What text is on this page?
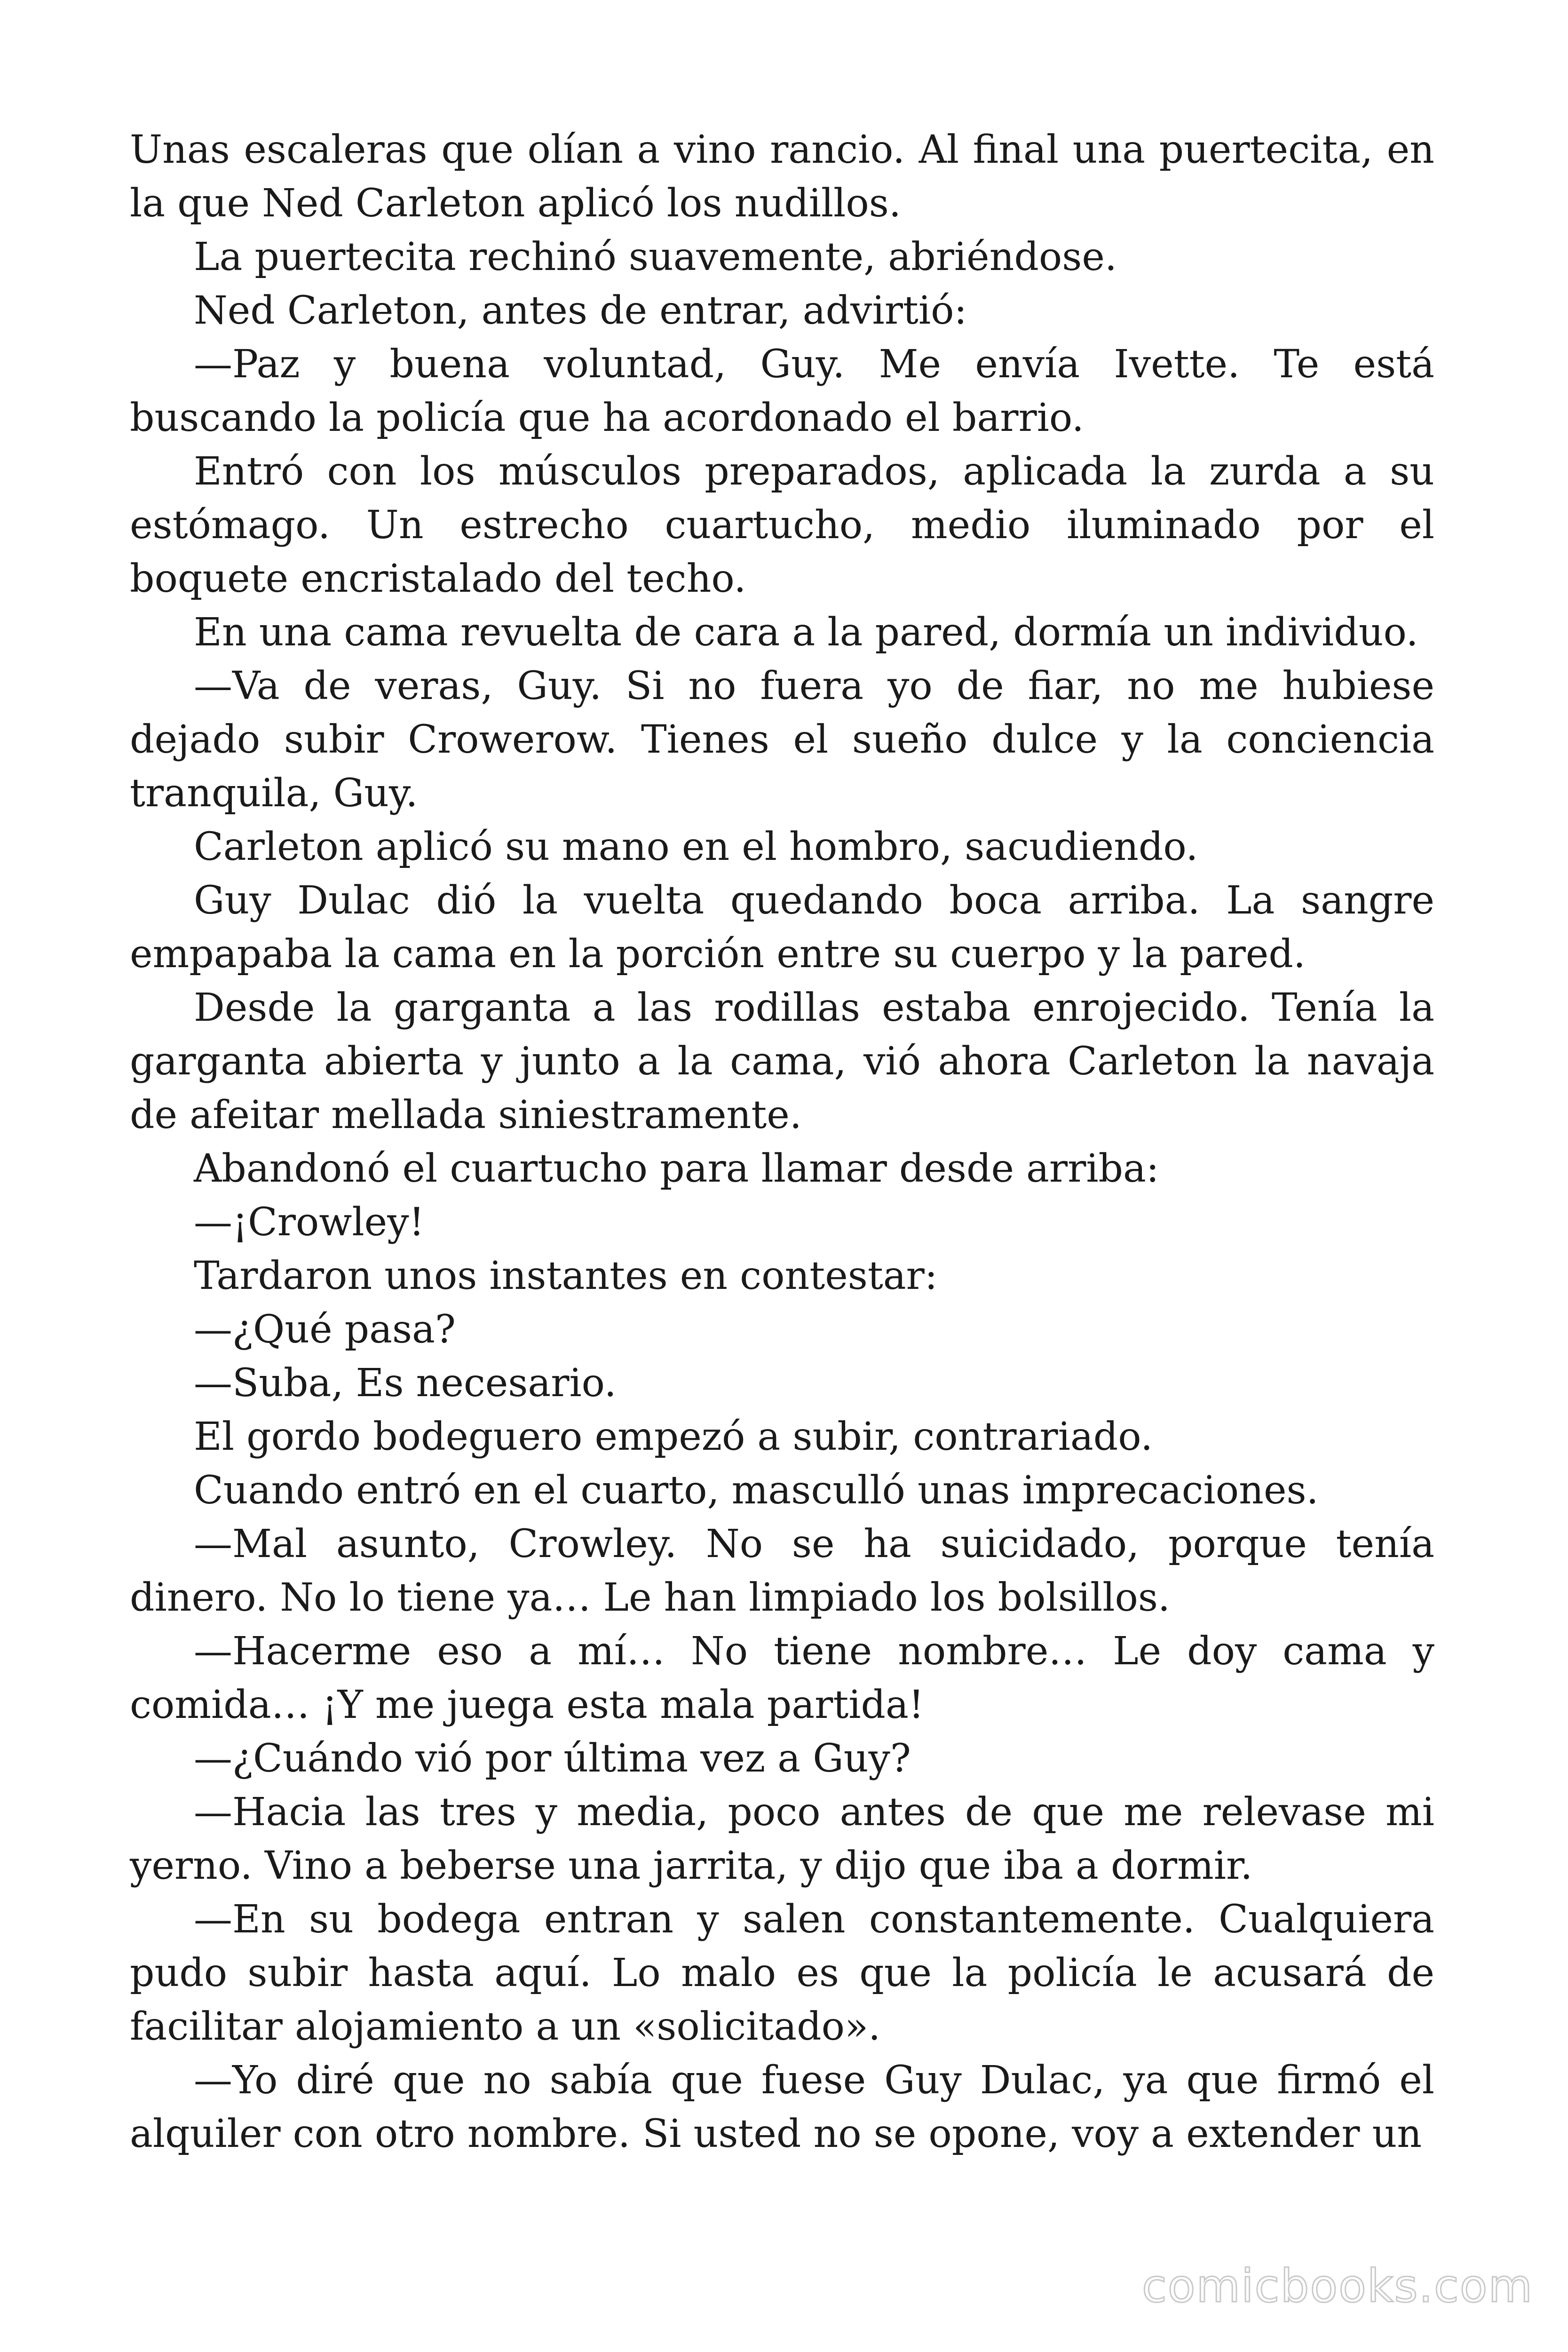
Unas escaleras que olían a vino rancio. Al final una puertecita, en la que Ned Carleton aplicó los nudillos.

La puertecita rechinó suavemente, abriéndose.

Ned Carleton, antes de entrar, advirtió:

—Paz y buena voluntad, Guy. Me envía Ivette. Te está buscando la policía que ha acordonado el barrio.

Entró con los músculos preparados, aplicada la zurda a su estómago. Un estrecho cuartucho, medio iluminado por el boquete encristalado del techo.

En una cama revuelta de cara a la pared, dormía un individuo.

—Va de veras, Guy. Si no fuera yo de fiar, no me hubiese dejado subir Crowerow. Tienes el sueño dulce y la conciencia tranquila, Guy.

Carleton aplicó su mano en el hombro, sacudiendo.

Guy Dulac dió la vuelta quedando boca arriba. La sangre empapaba la cama en la porción entre su cuerpo y la pared.

Desde la garganta a las rodillas estaba enrojecido. Tenía la garganta abierta y junto a la cama, vió ahora Carleton la navaja de afeitar mellada siniestramente.

Abandonó el cuartucho para llamar desde arriba:

—¡Crowley!

Tardaron unos instantes en contestar:

—¿Qué pasa?

—Suba, Es necesario.

El gordo bodeguero empezó a subir, contrariado.

Cuando entró en el cuarto, masculló unas imprecaciones.

—Mal asunto, Crowley. No se ha suicidado, porque tenía dinero. No lo tiene ya… Le han limpiado los bolsillos.

—Hacerme eso a mí… No tiene nombre… Le doy cama y comida… ¡Y me juega esta mala partida!

—¿Cuándo vió por última vez a Guy?

—Hacia las tres y media, poco antes de que me relevase mi yerno. Vino a beberse una jarrita, y dijo que iba a dormir.

—En su bodega entran y salen constantemente. Cualquiera pudo subir hasta aquí. Lo malo es que la policía le acusará de facilitar alojamiento a un «solicitado».

—Yo diré que no sabía que fuese Guy Dulac, ya que firmó el alquiler con otro nombre. Si usted no se opone, voy a extender un

comicbooks.com
